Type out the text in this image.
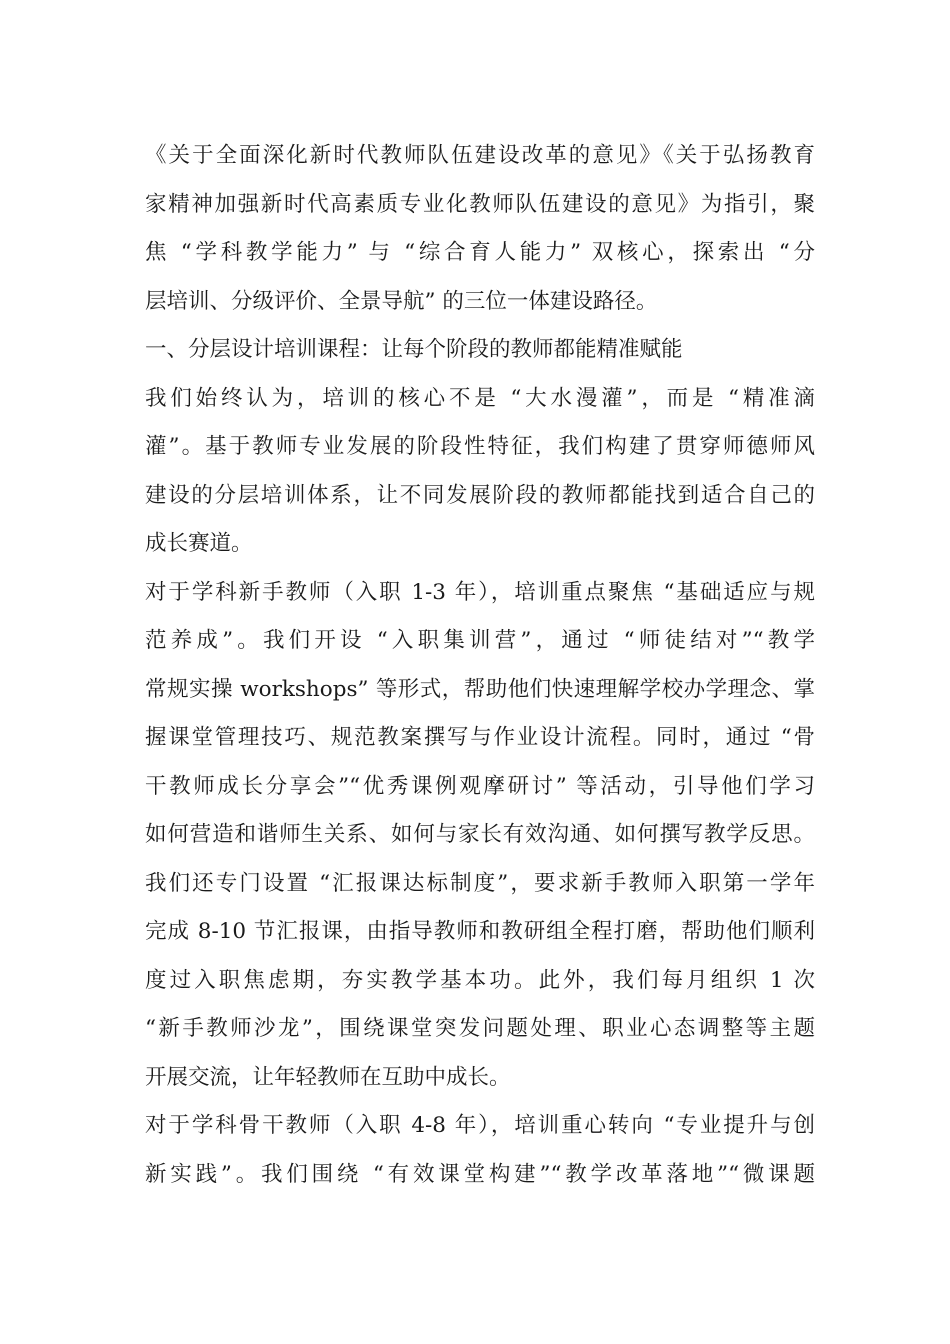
《关于全面深化新时代教师队伍建设改革的意见》《关于弘扬教育
家精神加强新时代高素质专业化教师队伍建设的意见》为指引，聚
焦 “学科教学能力” 与 “综合育人能力” 双核心，探索出 “分
层培训、分级评价、全景导航” 的三位一体建设路径。
一、分层设计培训课程：让每个阶段的教师都能精准赋能
我们始终认为，培训的核心不是 “大水漫灌”，而是 “精准滴
灌”。基于教师专业发展的阶段性特征，我们构建了贯穿师德师风
建设的分层培训体系，让不同发展阶段的教师都能找到适合自己的
成长赛道。
对于学科新手教师（入职 1-3 年），培训重点聚焦 “基础适应与规
范养成”。我们开设 “入职集训营”，通过 “师徒结对”“教学
常规实操 workshops” 等形式，帮助他们快速理解学校办学理念、掌
握课堂管理技巧、规范教案撰写与作业设计流程。同时，通过 “骨
干教师成长分享会”“优秀课例观摩研讨” 等活动，引导他们学习
如何营造和谐师生关系、如何与家长有效沟通、如何撰写教学反思。
我们还专门设置 “汇报课达标制度”，要求新手教师入职第一学年
完成 8-10 节汇报课，由指导教师和教研组全程打磨，帮助他们顺利
度过入职焦虑期，夯实教学基本功。此外，我们每月组织 1 次
“新手教师沙龙”，围绕课堂突发问题处理、职业心态调整等主题
开展交流，让年轻教师在互助中成长。
对于学科骨干教师（入职 4-8 年），培训重心转向 “专业提升与创
新实践”。我们围绕 “有效课堂构建”“教学改革落地”“微课题
